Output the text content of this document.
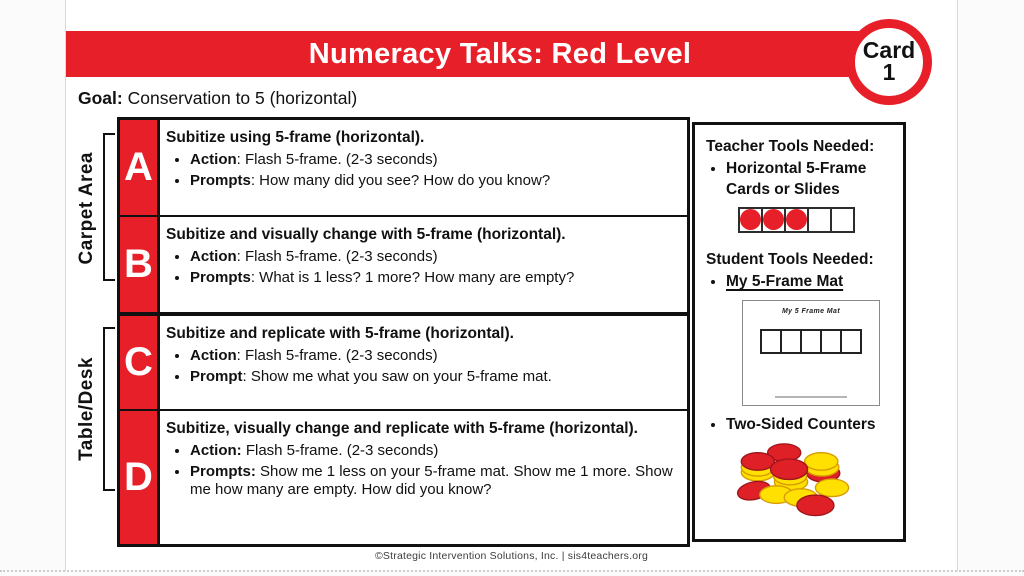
Numeracy Talks: Red Level	Card
1
Goal: Conservation to 5 (horizontal)
Carpet Area
Table/Desk
A
Subitize using 5-frame (horizontal).
• Action: Flash 5-frame. (2-3 seconds)
• Prompts: How many did you see? How do you know?
B
Subitize and visually change with 5-frame (horizontal).
• Action: Flash 5-frame. (2-3 seconds)
• Prompts: What is 1 less? 1 more? How many are empty?
C
Subitize and replicate with 5-frame (horizontal).
• Action: Flash 5-frame. (2-3 seconds)
• Prompt: Show me what you saw on your 5-frame mat.
D
Subitize, visually change and replicate with 5-frame (horizontal).
• Action: Flash 5-frame. (2-3 seconds)
• Prompts: Show me 1 less on your 5-frame mat. Show me 1 more. Show me how many are empty. How did you know?
Teacher Tools Needed:
• Horizontal 5-Frame Cards or Slides
Student Tools Needed:
• My 5-Frame Mat
My 5 Frame Mat
• Two-Sided Counters
©Strategic Intervention Solutions, Inc. | sis4teachers.org
